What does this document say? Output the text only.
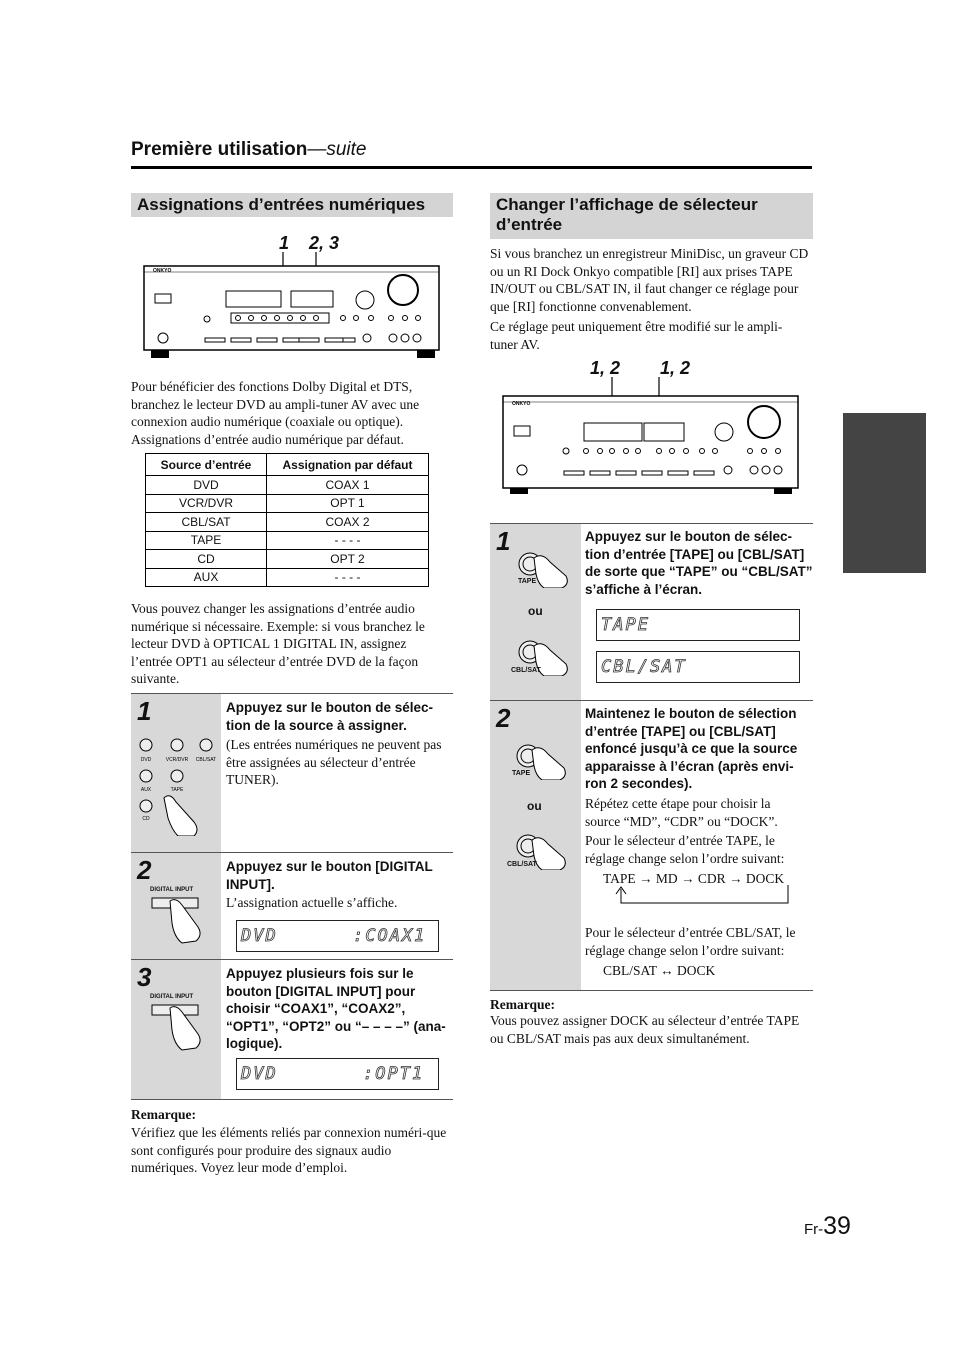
Première utilisation—suite
Assignations d’entrées numériques
1    2, 3
ONKYO
Pour bénéficier des fonctions Dolby Digital et DTS, branchez le lecteur DVD au ampli-tuner AV avec une connexion audio numérique (coaxiale ou optique). Assignations d’entrée audio numérique par défaut.
Source d’entrée	Assignation par défaut
DVD	COAX 1
VCR/DVR	OPT 1
CBL/SAT	COAX 2
TAPE	- - - -
CD	OPT 2
AUX	- - - -
Vous pouvez changer les assignations d’entrée audio numérique si nécessaire. Exemple: si vous branchez le lecteur DVD à OPTICAL 1 DIGITAL IN, assignez l’entrée OPT1 au sélecteur d’entrée DVD de la façon suivante.
1
DVD	VCR/DVR CBL/SAT
AUX	TAPE
CD
Appuyez sur le bouton de sélec-tion de la source à assigner.
(Les entrées numériques ne peuvent pas être assignées au sélecteur d’entrée TUNER).
2
DIGITAL INPUT
Appuyez sur le bouton [DIGITAL INPUT].
L’assignation actuelle s’affiche.
DVD	:COAX1
3
DIGITAL INPUT
Appuyez plusieurs fois sur le bouton [DIGITAL INPUT] pour choisir “COAX1”, “COAX2”, “OPT1”, “OPT2” ou “– – – –” (ana-logique).
DVD	:OPT1
Remarque:
Vérifiez que les éléments reliés par connexion numéri-que sont configurés pour produire des signaux audio numériques. Voyez leur mode d’emploi.
Changer l’affichage de sélecteur d’entrée
Si vous branchez un enregistreur MiniDisc, un graveur CD ou un RI Dock Onkyo compatible [RI] aux prises TAPE IN/OUT ou CBL/SAT IN, il faut changer ce réglage pour que [RI] fonctionne convenablement.
Ce réglage peut uniquement être modifié sur le ampli-tuner AV.
1, 2        1, 2
ONKYO
1
TAPE
ou
CBL/SAT
Appuyez sur le bouton de sélec-tion d’entrée [TAPE] ou [CBL/SAT] de sorte que “TAPE” ou “CBL/SAT” s’affiche à l’écran.
TAPE
CBL/SAT
2
TAPE
ou
CBL/SAT
Maintenez le bouton de sélection d’entrée [TAPE] ou [CBL/SAT] enfoncé jusqu’à ce que la source apparaisse à l’écran (après envi-ron 2 secondes).
Répétez cette étape pour choisir la source “MD”, “CDR” ou “DOCK”.
Pour le sélecteur d’entrée TAPE, le réglage change selon l’ordre suivant:
TAPE → MD → CDR → DOCK
Pour le sélecteur d’entrée CBL/SAT, le réglage change selon l’ordre suivant:
CBL/SAT ↔ DOCK
Remarque:
Vous pouvez assigner DOCK au sélecteur d’entrée TAPE ou CBL/SAT mais pas aux deux simultanément.
Fr-39
